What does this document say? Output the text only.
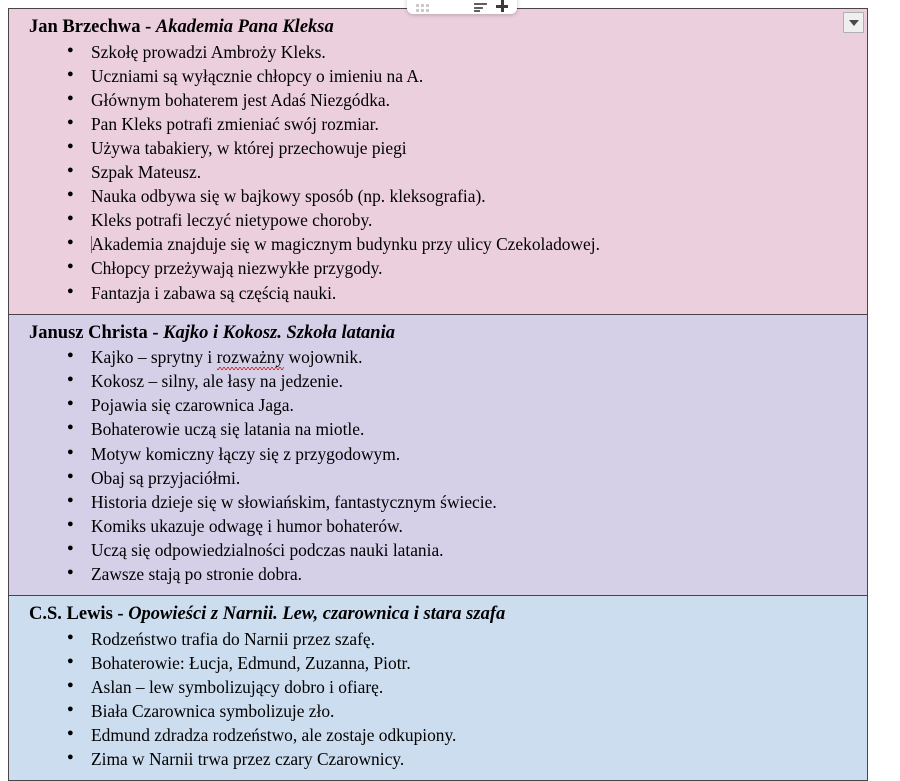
Jan Brzechwa - Akademia Pana Kleksa
● Szkołę prowadzi Ambroży Kleks.
● Uczniami są wyłącznie chłopcy o imieniu na A.
● Głównym bohaterem jest Adaś Niezgódka.
● Pan Kleks potrafi zmieniać swój rozmiar.
● Używa tabakiery, w której przechowuje piegi
● Szpak Mateusz.
● Nauka odbywa się w bajkowy sposób (np. kleksografia).
● Kleks potrafi leczyć nietypowe choroby.
● Akademia znajduje się w magicznym budynku przy ulicy Czekoladowej.
● Chłopcy przeżywają niezwykłe przygody.
● Fantazja i zabawa są częścią nauki.
Janusz Christa - Kajko i Kokosz. Szkoła latania
● Kajko – sprytny i rozważny wojownik.
● Kokosz – silny, ale łasy na jedzenie.
● Pojawia się czarownica Jaga.
● Bohaterowie uczą się latania na miotle.
● Motyw komiczny łączy się z przygodowym.
● Obaj są przyjaciółmi.
● Historia dzieje się w słowiańskim, fantastycznym świecie.
● Komiks ukazuje odwagę i humor bohaterów.
● Uczą się odpowiedzialności podczas nauki latania.
● Zawsze stają po stronie dobra.
C.S. Lewis - Opowieści z Narnii. Lew, czarownica i stara szafa
● Rodzeństwo trafia do Narnii przez szafę.
● Bohaterowie: Łucja, Edmund, Zuzanna, Piotr.
● Aslan – lew symbolizujący dobro i ofiarę.
● Biała Czarownica symbolizuje zło.
● Edmund zdradza rodzeństwo, ale zostaje odkupiony.
● Zima w Narnii trwa przez czary Czarownicy.
